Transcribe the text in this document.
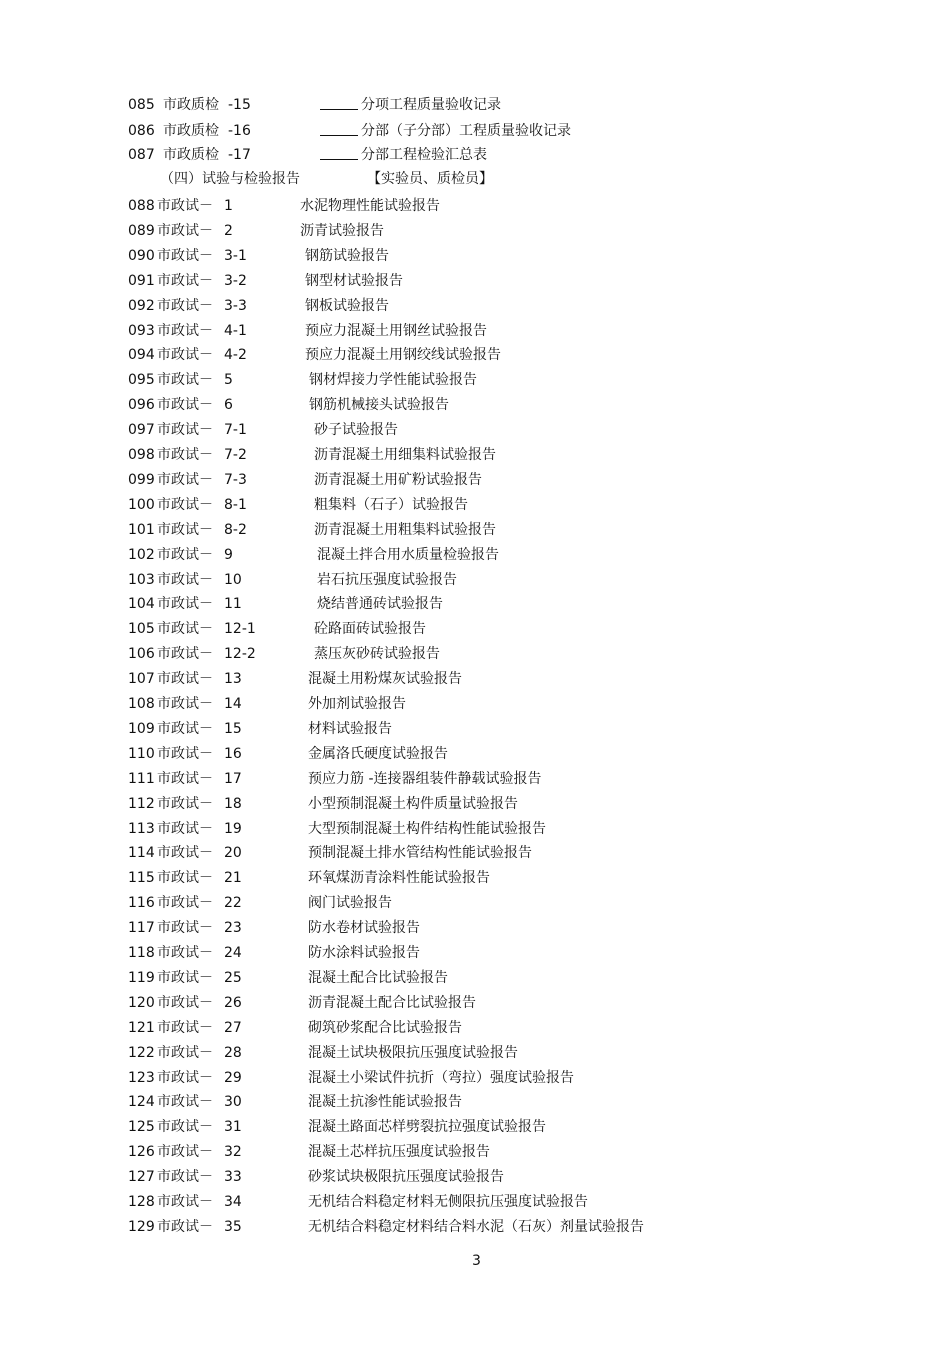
085 市政质检 -15	分项工程质量验收记录
086 市政质检 -16	分部（子分部）工程质量验收记录
087 市政质检 -17	分部工程检验汇总表
（四）试验与检验报告	【实验员、质检员】
088 市政试－ 1	水泥物理性能试验报告
089 市政试－ 2	沥青试验报告
090 市政试－ 3-1	钢筋试验报告
091 市政试－ 3-2	钢型材试验报告
092 市政试－ 3-3	钢板试验报告
093 市政试－ 4-1	预应力混凝土用钢丝试验报告
094 市政试－ 4-2	预应力混凝土用钢绞线试验报告
095 市政试－ 5	钢材焊接力学性能试验报告
096 市政试－ 6	钢筋机械接头试验报告
097 市政试－ 7-1	砂子试验报告
098 市政试－ 7-2	沥青混凝土用细集料试验报告
099 市政试－ 7-3	沥青混凝土用矿粉试验报告
100 市政试－ 8-1	粗集料（石子）试验报告
101 市政试－ 8-2	沥青混凝土用粗集料试验报告
102 市政试－ 9	混凝土拌合用水质量检验报告
103 市政试－ 10	岩石抗压强度试验报告
104 市政试－ 11	烧结普通砖试验报告
105 市政试－ 12-1	砼路面砖试验报告
106 市政试－ 12-2	蒸压灰砂砖试验报告
107 市政试－ 13	混凝土用粉煤灰试验报告
108 市政试－ 14	外加剂试验报告
109 市政试－ 15	材料试验报告
110 市政试－ 16	金属洛氏硬度试验报告
111 市政试－ 17	预应力筋 -连接器组装件静载试验报告
112 市政试－ 18	小型预制混凝土构件质量试验报告
113 市政试－ 19	大型预制混凝土构件结构性能试验报告
114 市政试－ 20	预制混凝土排水管结构性能试验报告
115 市政试－ 21	环氧煤沥青涂料性能试验报告
116 市政试－ 22	阀门试验报告
117 市政试－ 23	防水卷材试验报告
118 市政试－ 24	防水涂料试验报告
119 市政试－ 25	混凝土配合比试验报告
120 市政试－ 26	沥青混凝土配合比试验报告
121 市政试－ 27	砌筑砂浆配合比试验报告
122 市政试－ 28	混凝土试块极限抗压强度试验报告
123 市政试－ 29	混凝土小梁试件抗折（弯拉）强度试验报告
124 市政试－ 30	混凝土抗渗性能试验报告
125 市政试－ 31	混凝土路面芯样劈裂抗拉强度试验报告
126 市政试－ 32	混凝土芯样抗压强度试验报告
127 市政试－ 33	砂浆试块极限抗压强度试验报告
128 市政试－ 34	无机结合料稳定材料无侧限抗压强度试验报告
129 市政试－ 35	无机结合料稳定材料结合料水泥（石灰）剂量试验报告
3
